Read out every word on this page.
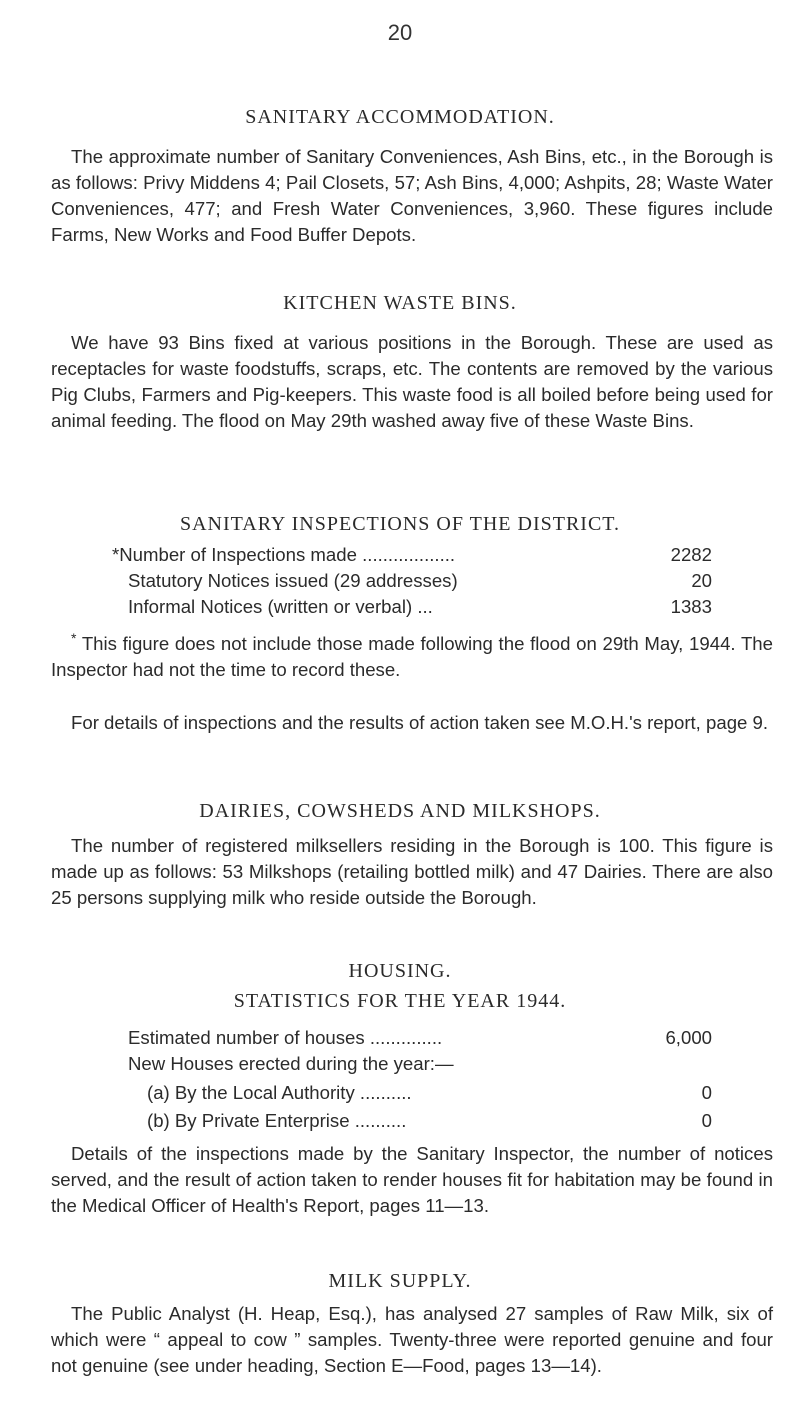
20
SANITARY ACCOMMODATION.

The approximate number of Sanitary Conveniences, Ash Bins, etc., in the Borough is as follows: Privy Middens 4; Pail Closets, 57; Ash Bins, 4,000; Ashpits, 28; Waste Water Conveniences, 477; and Fresh Water Conveniences, 3,960. These figures include Farms, New Works and Food Buffer Depots.

KITCHEN WASTE BINS.

We have 93 Bins fixed at various positions in the Borough. These are used as receptacles for waste foodstuffs, scraps, etc. The contents are removed by the various Pig Clubs, Farmers and Pig-keepers. This waste food is all boiled before being used for animal feeding. The flood on May 29th washed away five of these Waste Bins.

SANITARY INSPECTIONS OF THE DISTRICT.
*Number of Inspections made ..................	2282
Statutory Notices issued (29 addresses)	20
Informal Notices (written or verbal) ...	1383

* This figure does not include those made following the flood on 29th May, 1944. The Inspector had not the time to record these.

For details of inspections and the results of action taken see M.O.H.'s report, page 9.

DAIRIES, COWSHEDS AND MILKSHOPS.

The number of registered milksellers residing in the Borough is 100. This figure is made up as follows: 53 Milkshops (retailing bottled milk) and 47 Dairies. There are also 25 persons supplying milk who reside outside the Borough.

HOUSING.
STATISTICS FOR THE YEAR 1944.
Estimated number of houses ..............	6,000
New Houses erected during the year:—
(a) By the Local Authority ..........	0
(b) By Private Enterprise ..........	0

Details of the inspections made by the Sanitary Inspector, the number of notices served, and the result of action taken to render houses fit for habitation may be found in the Medical Officer of Health's Report, pages 11—13.

MILK SUPPLY.

The Public Analyst (H. Heap, Esq.), has analysed 27 samples of Raw Milk, six of which were “ appeal to cow ” samples. Twenty-three were reported genuine and four not genuine (see under heading, Section E—Food, pages 13—14).
